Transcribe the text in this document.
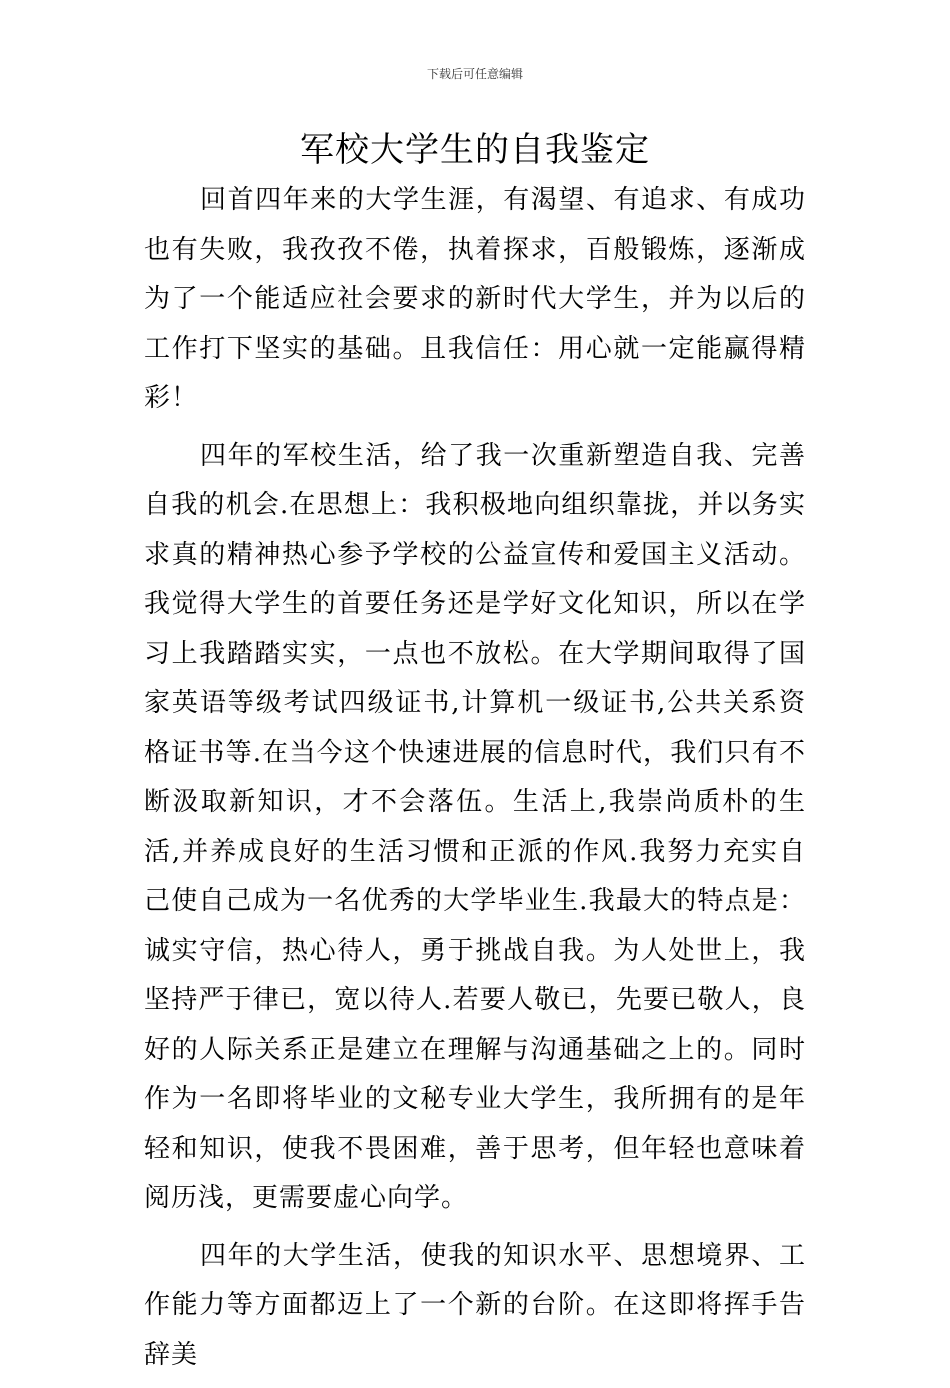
下载后可任意编辑
军校大学生的自我鉴定

回首四年来的大学生涯，有渴望、有追求、有成功也有失败，我孜孜不倦，执着探求，百般锻炼，逐渐成为了一个能适应社会要求的新时代大学生，并为以后的工作打下坚实的基础。且我信任：用心就一定能赢得精彩！

四年的军校生活，给了我一次重新塑造自我、完善自我的机会.在思想上：我积极地向组织靠拢，并以务实求真的精神热心参予学校的公益宣传和爱国主义活动。我觉得大学生的首要任务还是学好文化知识，所以在学习上我踏踏实实，一点也不放松。在大学期间取得了国家英语等级考试四级证书,计算机一级证书,公共关系资格证书等.在当今这个快速进展的信息时代，我们只有不断汲取新知识，才不会落伍。生活上,我崇尚质朴的生活,并养成良好的生活习惯和正派的作风.我努力充实自己使自己成为一名优秀的大学毕业生.我最大的特点是：诚实守信，热心待人，勇于挑战自我。为人处世上，我坚持严于律已，宽以待人.若要人敬已，先要已敬人，良好的人际关系正是建立在理解与沟通基础之上的。同时作为一名即将毕业的文秘专业大学生，我所拥有的是年轻和知识，使我不畏困难，善于思考，但年轻也意味着阅历浅，更需要虚心向学。

四年的大学生活，使我的知识水平、思想境界、工作能力等方面都迈上了一个新的台阶。在这即将挥手告辞美
